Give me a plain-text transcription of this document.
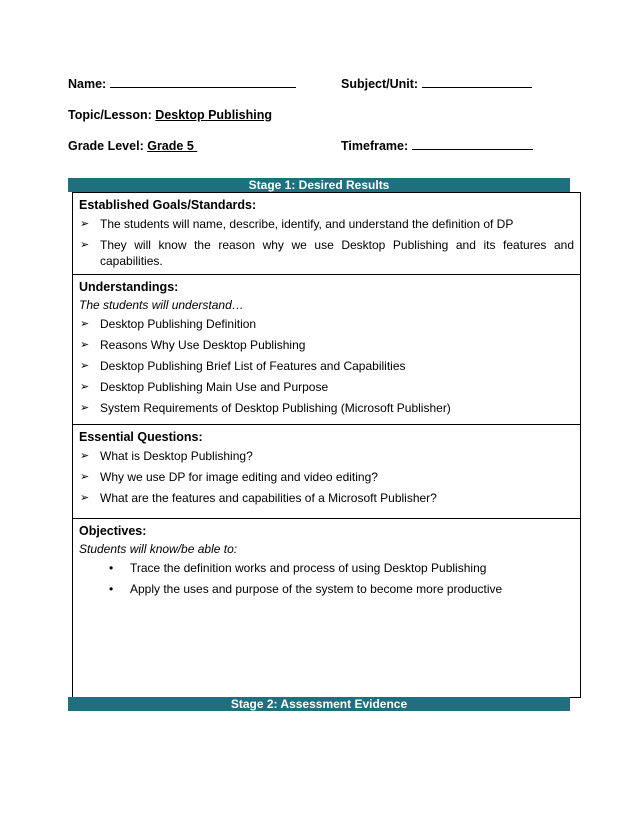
Name:	Subject/Unit:
Topic/Lesson: Desktop Publishing
Grade Level: Grade 5	Timeframe:
Stage 1: Desired Results
Established Goals/Standards:
➢ The students will name, describe, identify, and understand the definition of DP
➢ They will know the reason why we use Desktop Publishing and its features and capabilities.
Understandings:
The students will understand…
➢ Desktop Publishing Definition
➢ Reasons Why Use Desktop Publishing
➢ Desktop Publishing Brief List of Features and Capabilities
➢ Desktop Publishing Main Use and Purpose
➢ System Requirements of Desktop Publishing (Microsoft Publisher)
Essential Questions:
➢ What is Desktop Publishing?
➢ Why we use DP for image editing and video editing?
➢ What are the features and capabilities of a Microsoft Publisher?
Objectives:
Students will know/be able to:
• Trace the definition works and process of using Desktop Publishing
• Apply the uses and purpose of the system to become more productive
Stage 2: Assessment Evidence
